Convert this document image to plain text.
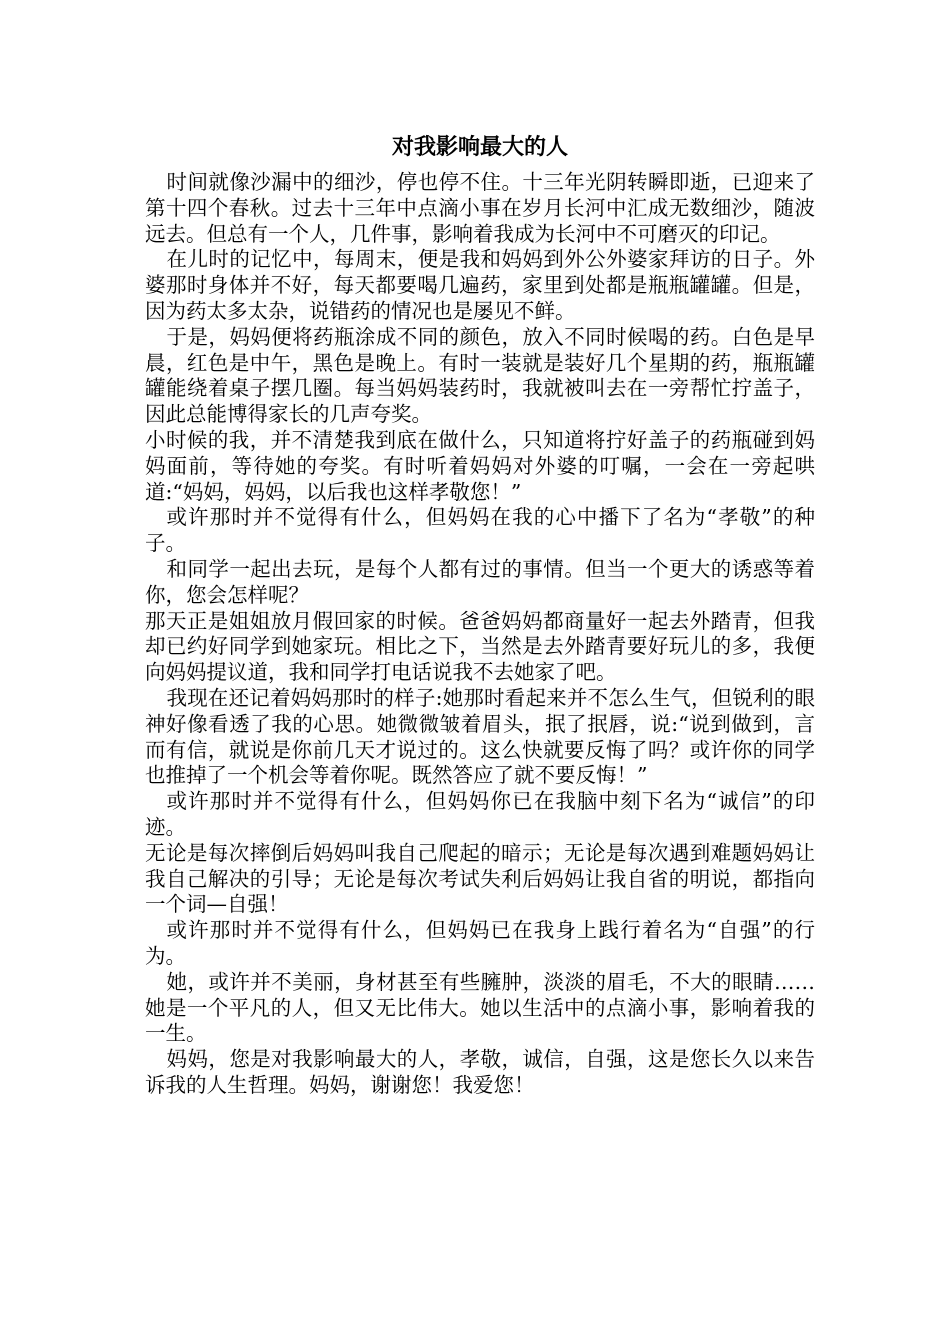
对我影响最大的人

时间就像沙漏中的细沙，停也停不住。十三年光阴转瞬即逝，已迎来了第十四个春秋。过去十三年中点滴小事在岁月长河中汇成无数细沙，随波远去。但总有一个人，几件事，影响着我成为长河中不可磨灭的印记。

在儿时的记忆中，每周末，便是我和妈妈到外公外婆家拜访的日子。外婆那时身体并不好，每天都要喝几遍药，家里到处都是瓶瓶罐罐。但是，因为药太多太杂，说错药的情况也是屡见不鲜。

于是，妈妈便将药瓶涂成不同的颜色，放入不同时候喝的药。白色是早晨，红色是中午，黑色是晚上。有时一装就是装好几个星期的药，瓶瓶罐罐能绕着桌子摆几圈。每当妈妈装药时，我就被叫去在一旁帮忙拧盖子，因此总能博得家长的几声夸奖。

小时候的我，并不清楚我到底在做什么，只知道将拧好盖子的药瓶碰到妈妈面前，等待她的夸奖。有时听着妈妈对外婆的叮嘱，一会在一旁起哄道:“妈妈，妈妈，以后我也这样孝敬您！”

或许那时并不觉得有什么，但妈妈在我的心中播下了名为“孝敬”的种子。

和同学一起出去玩，是每个人都有过的事情。但当一个更大的诱惑等着你，您会怎样呢？

那天正是姐姐放月假回家的时候。爸爸妈妈都商量好一起去外踏青，但我却已约好同学到她家玩。相比之下，当然是去外踏青要好玩儿的多，我便向妈妈提议道，我和同学打电话说我不去她家了吧。

我现在还记着妈妈那时的样子:她那时看起来并不怎么生气，但锐利的眼神好像看透了我的心思。她微微皱着眉头，抿了抿唇，说:“说到做到，言而有信，就说是你前几天才说过的。这么快就要反悔了吗？或许你的同学也推掉了一个机会等着你呢。既然答应了就不要反悔！”

或许那时并不觉得有什么，但妈妈你已在我脑中刻下名为“诚信”的印迹。

无论是每次摔倒后妈妈叫我自己爬起的暗示；无论是每次遇到难题妈妈让我自己解决的引导；无论是每次考试失利后妈妈让我自省的明说，都指向一个词—自强！

或许那时并不觉得有什么，但妈妈已在我身上践行着名为“自强”的行为。

她，或许并不美丽，身材甚至有些臃肿，淡淡的眉毛，不大的眼睛……她是一个平凡的人，但又无比伟大。她以生活中的点滴小事，影响着我的一生。

妈妈，您是对我影响最大的人，孝敬，诚信，自强，这是您长久以来告诉我的人生哲理。妈妈，谢谢您！我爱您！
